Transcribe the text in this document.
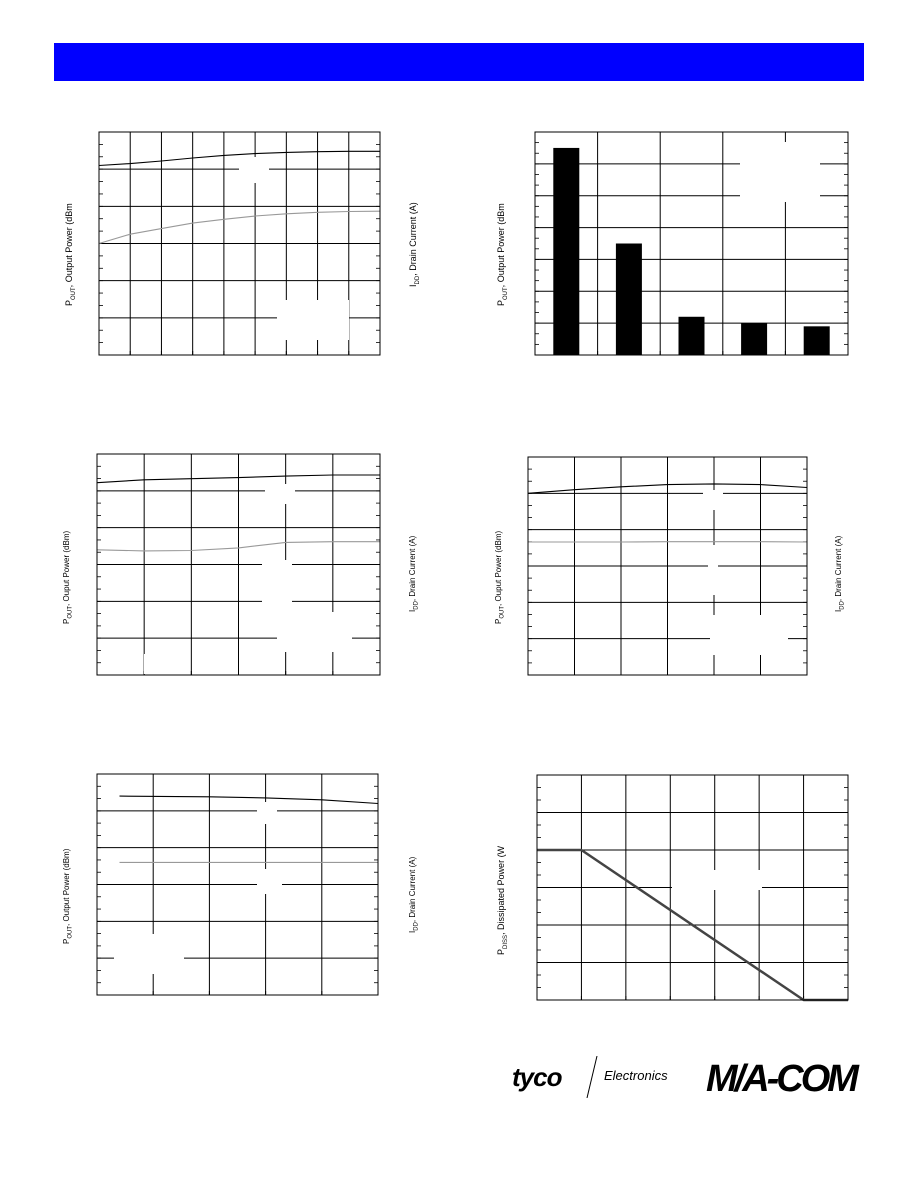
$P_{OUT}$, Output Power (dBm	$I_{DD}$, Drain Current (A)
$P_{OUT}$, Output Power (dBm
$P_{OUT}$, Ouput Power (dBm)
$I_{DD}$, Drain Current (A)
$P_{OUT}$, Ouput Power (dBm)
$I_{DD}$, Drain Current (A)
$P_{OUT}$, Output Power (dBm)
$I_{DD}$, Drain Current (A)
$P_{DISS}$, Dissipated Power (W
tyco	Electronics M/A-COM
